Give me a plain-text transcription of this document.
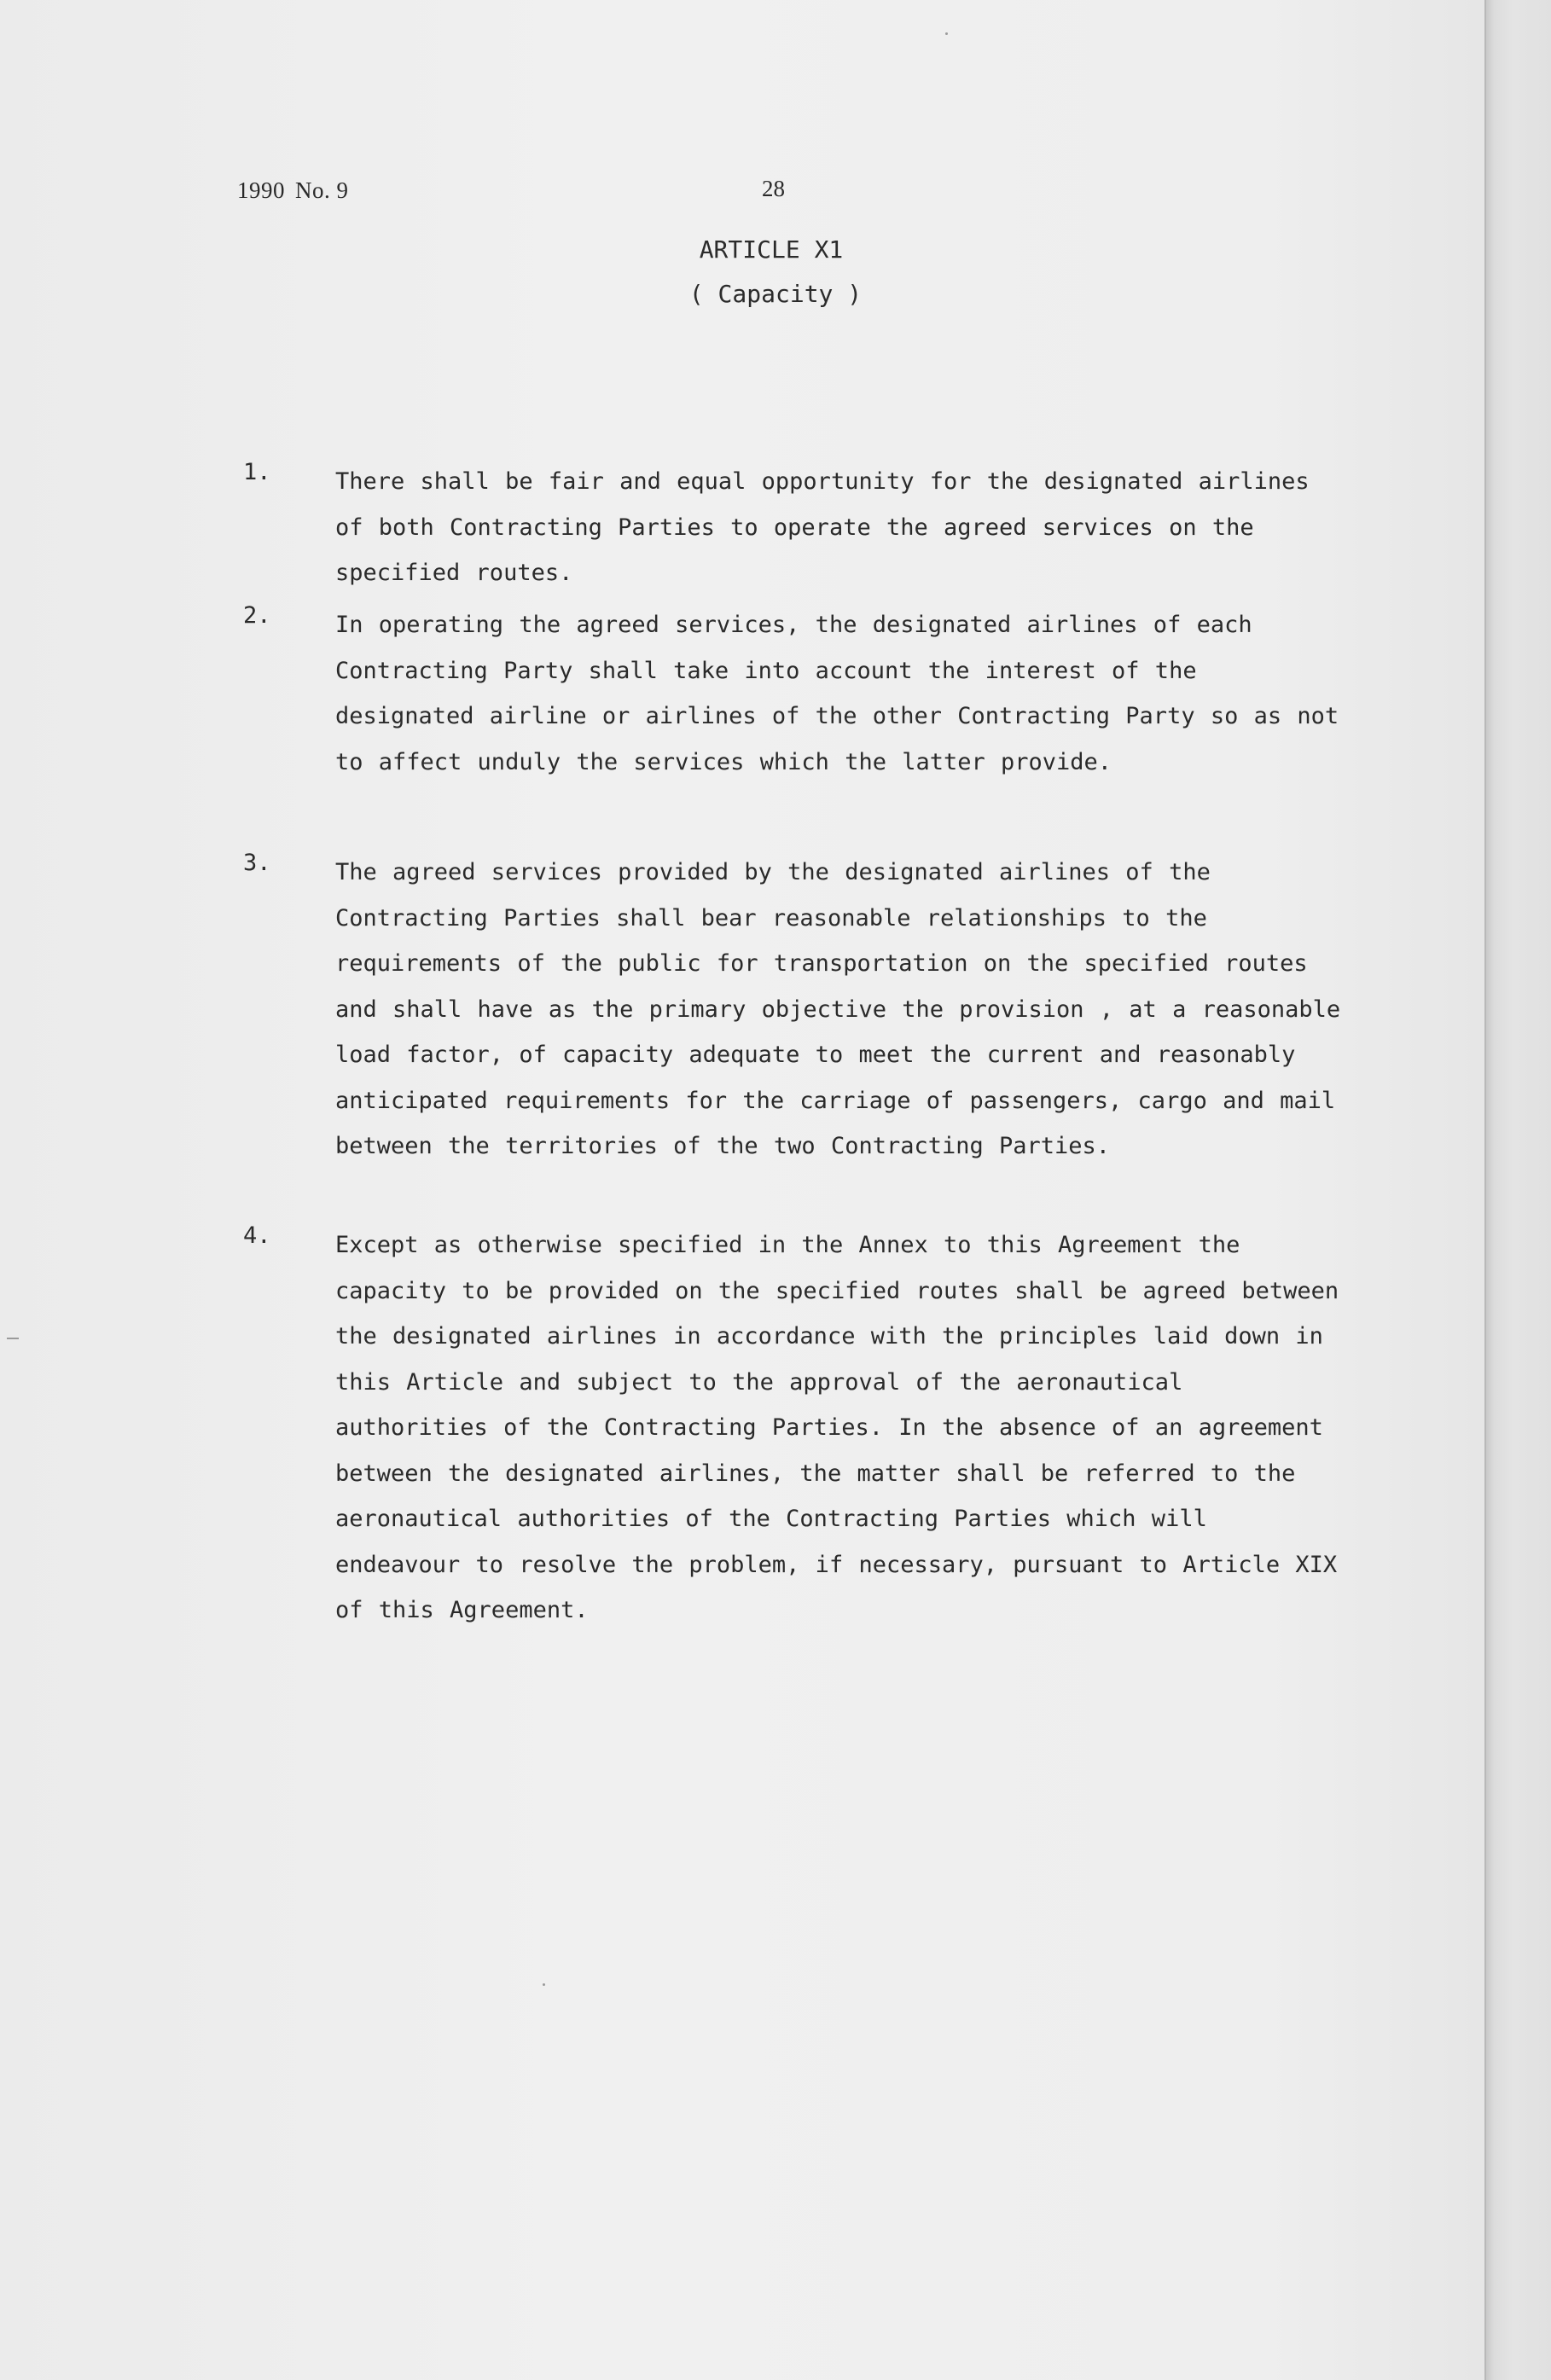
1990 No. 9	28
ARTICLE X1
( Capacity )
1.	There shall be fair and equal opportunity for the designated airlines of both Contracting Parties to operate the agreed services on the specified routes.

2.	In operating the agreed services, the designated airlines of each Contracting Party shall take into account the interest of the designated airline or airlines of the other Contracting Party so as not to affect unduly the services which the latter provide.

3.	The agreed services provided by the designated airlines of the Contracting Parties shall bear reasonable relationships to the requirements of the public for transportation on the specified routes and shall have as the primary objective the provision , at a reasonable load factor, of capacity adequate to meet the current and reasonably anticipated requirements for the carriage of passengers, cargo and mail between the territories of the two Contracting Parties.

4.	Except as otherwise specified in the Annex to this Agreement the capacity to be provided on the specified routes shall be agreed between the designated airlines in accordance with the principles laid down in this Article and subject to the approval of the aeronautical authorities of the Contracting Parties. In the absence of an agreement between the designated airlines, the matter shall be referred to the aeronautical authorities of the Contracting Parties which will endeavour to resolve the problem, if necessary, pursuant to Article XIX of this Agreement.
